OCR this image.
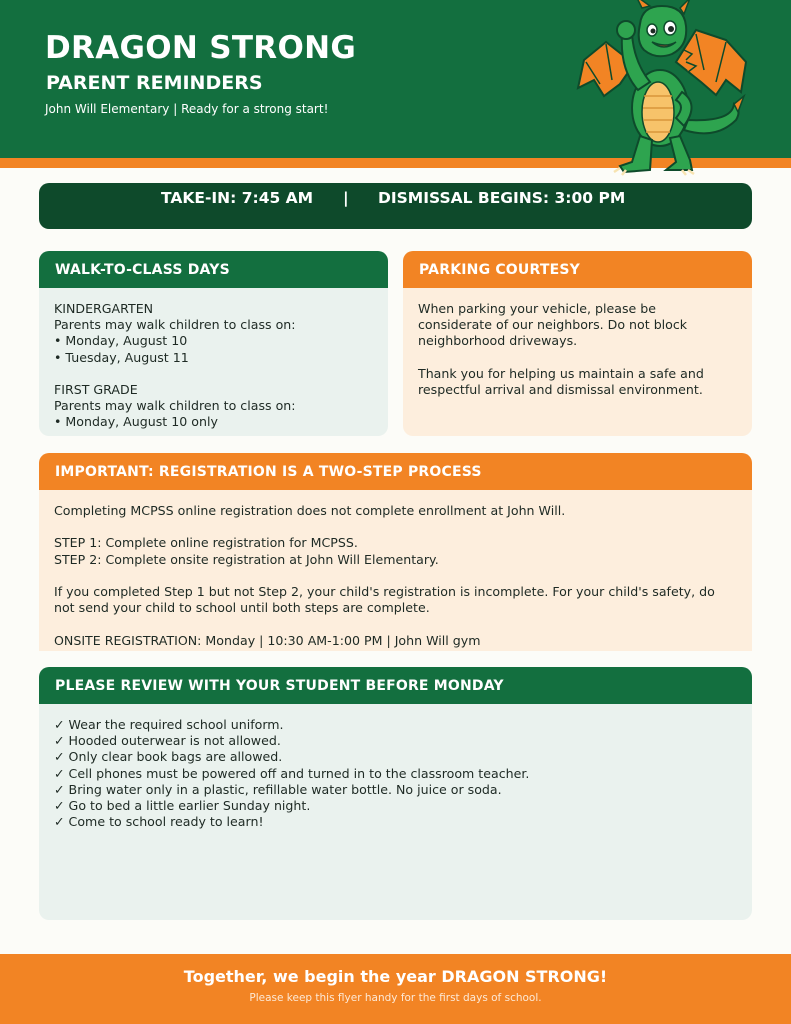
DRAGON STRONG
PARENT REMINDERS
John Will Elementary | Ready for a strong start!
TAKE-IN: 7:45 AM | DISMISSAL BEGINS: 3:00 PM
WALK-TO-CLASS DAYS
KINDERGARTEN
Parents may walk children to class on:
• Monday, August 10
• Tuesday, August 11
FIRST GRADE
Parents may walk children to class on:
• Monday, August 10 only
PARKING COURTESY
When parking your vehicle, please be
considerate of our neighbors. Do not block
neighborhood driveways.
Thank you for helping us maintain a safe and
respectful arrival and dismissal environment.
IMPORTANT: REGISTRATION IS A TWO-STEP PROCESS
Completing MCPSS online registration does not complete enrollment at John Will.
STEP 1: Complete online registration for MCPSS.
STEP 2: Complete onsite registration at John Will Elementary.
If you completed Step 1 but not Step 2, your child's registration is incomplete. For your child's safety, do
not send your child to school until both steps are complete.
ONSITE REGISTRATION: Monday | 10:30 AM-1:00 PM | John Will gym
PLEASE REVIEW WITH YOUR STUDENT BEFORE MONDAY
✓ Wear the required school uniform.
✓ Hooded outerwear is not allowed.
✓ Only clear book bags are allowed.
✓ Cell phones must be powered off and turned in to the classroom teacher.
✓ Bring water only in a plastic, refillable water bottle. No juice or soda.
✓ Go to bed a little earlier Sunday night.
✓ Come to school ready to learn!
Together, we begin the year DRAGON STRONG!
Please keep this flyer handy for the first days of school.
